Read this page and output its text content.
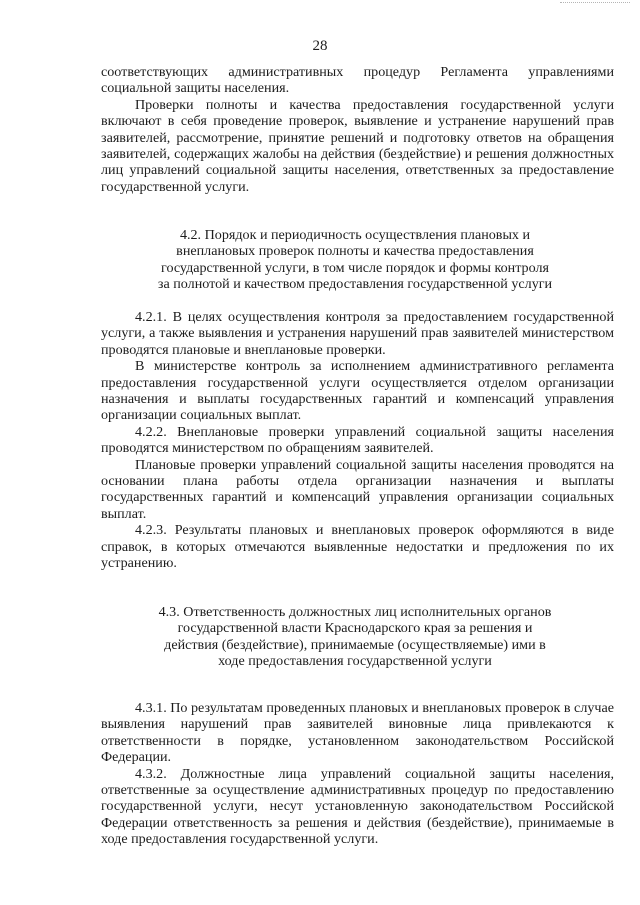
28

соответствующих административных процедур Регламента управлениями социальной защиты населения.

Проверки полноты и качества предоставления государственной услуги включают в себя проведение проверок, выявление и устранение нарушений прав заявителей, рассмотрение, принятие решений и подготовку ответов на обращения заявителей, содержащих жалобы на действия (бездействие) и решения должностных лиц управлений социальной защиты населения, ответственных за предоставление государственной услуги.

4.2. Порядок и периодичность осуществления плановых и
внеплановых проверок полноты и качества предоставления
государственной услуги, в том числе порядок и формы контроля
за полнотой и качеством предоставления государственной услуги

4.2.1. В целях осуществления контроля за предоставлением государственной услуги, а также выявления и устранения нарушений прав заявителей министерством проводятся плановые и внеплановые проверки.

В министерстве контроль за исполнением административного регламента предоставления государственной услуги осуществляется отделом организации назначения и выплаты государственных гарантий и компенсаций управления организации социальных выплат.

4.2.2. Внеплановые проверки управлений социальной защиты населения проводятся министерством по обращениям заявителей.

Плановые проверки управлений социальной защиты населения проводятся на основании плана работы отдела организации назначения и выплаты государственных гарантий и компенсаций управления организации социальных выплат.

4.2.3. Результаты плановых и внеплановых проверок оформляются в виде справок, в которых отмечаются выявленные недостатки и предложения по их устранению.

4.3. Ответственность должностных лиц исполнительных органов
государственной власти Краснодарского края за решения и
действия (бездействие), принимаемые (осуществляемые) ими в
ходе предоставления государственной услуги

4.3.1. По результатам проведенных плановых и внеплановых проверок в случае выявления нарушений прав заявителей виновные лица привлекаются к ответственности в порядке, установленном законодательством Российской Федерации.

4.3.2. Должностные лица управлений социальной защиты населения, ответственные за осуществление административных процедур по предоставлению государственной услуги, несут установленную законодательством Российской Федерации ответственность за решения и действия (бездействие), принимаемые в ходе предоставления государственной услуги.
